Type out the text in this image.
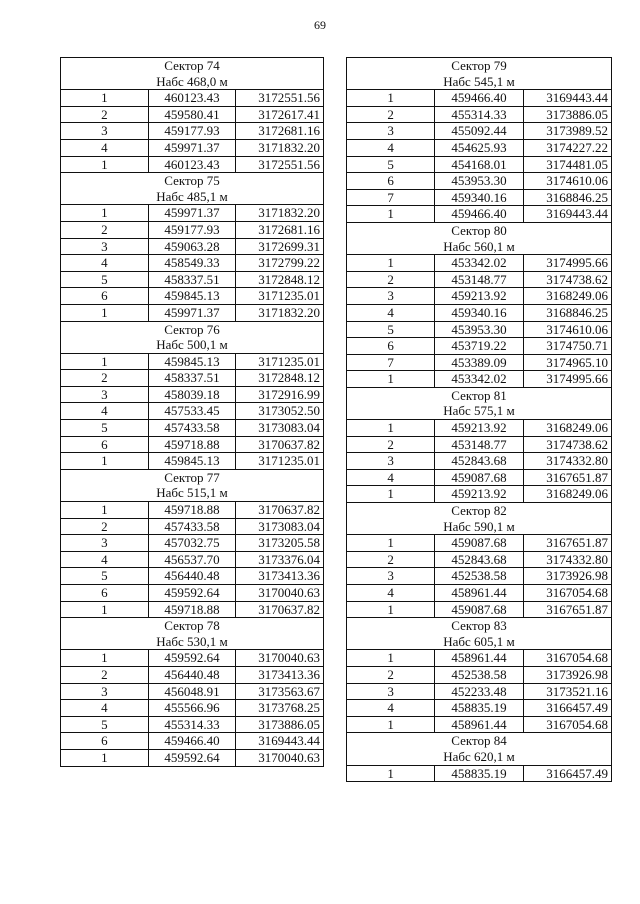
69
Сектор 74		
Набс 468,0 м		
1	460123.43	3172551.56
2	459580.41	3172617.41
3	459177.93	3172681.16
4	459971.37	3171832.20
1	460123.43	3172551.56
Сектор 75		
Набс 485,1 м		
1	459971.37	3171832.20
2	459177.93	3172681.16
3	459063.28	3172699.31
4	458549.33	3172799.22
5	458337.51	3172848.12
6	459845.13	3171235.01
1	459971.37	3171832.20
Сектор 76		
Набс 500,1 м		
1	459845.13	3171235.01
2	458337.51	3172848.12
3	458039.18	3172916.99
4	457533.45	3173052.50
5	457433.58	3173083.04
6	459718.88	3170637.82
1	459845.13	3171235.01
Сектор 77		
Набс 515,1 м		
1	459718.88	3170637.82
2	457433.58	3173083.04
3	457032.75	3173205.58
4	456537.70	3173376.04
5	456440.48	3173413.36
6	459592.64	3170040.63
1	459718.88	3170637.82
Сектор 78		
Набс 530,1 м		
1	459592.64	3170040.63
2	456440.48	3173413.36
3	456048.91	3173563.67
4	455566.96	3173768.25
5	455314.33	3173886.05
6	459466.40	3169443.44
1	459592.64	3170040.63
Сектор 79		
Набс 545,1 м		
1	459466.40	3169443.44
2	455314.33	3173886.05
3	455092.44	3173989.52
4	454625.93	3174227.22
5	454168.01	3174481.05
6	453953.30	3174610.06
7	459340.16	3168846.25
1	459466.40	3169443.44
Сектор 80		
Набс 560,1 м		
1	453342.02	3174995.66
2	453148.77	3174738.62
3	459213.92	3168249.06
4	459340.16	3168846.25
5	453953.30	3174610.06
6	453719.22	3174750.71
7	453389.09	3174965.10
1	453342.02	3174995.66
Сектор 81		
Набс 575,1 м		
1	459213.92	3168249.06
2	453148.77	3174738.62
3	452843.68	3174332.80
4	459087.68	3167651.87
1	459213.92	3168249.06
Сектор 82		
Набс 590,1 м		
1	459087.68	3167651.87
2	452843.68	3174332.80
3	452538.58	3173926.98
4	458961.44	3167054.68
1	459087.68	3167651.87
Сектор 83		
Набс 605,1 м		
1	458961.44	3167054.68
2	452538.58	3173926.98
3	452233.48	3173521.16
4	458835.19	3166457.49
1	458961.44	3167054.68
Сектор 84		
Набс 620,1 м		
1	458835.19	3166457.49
